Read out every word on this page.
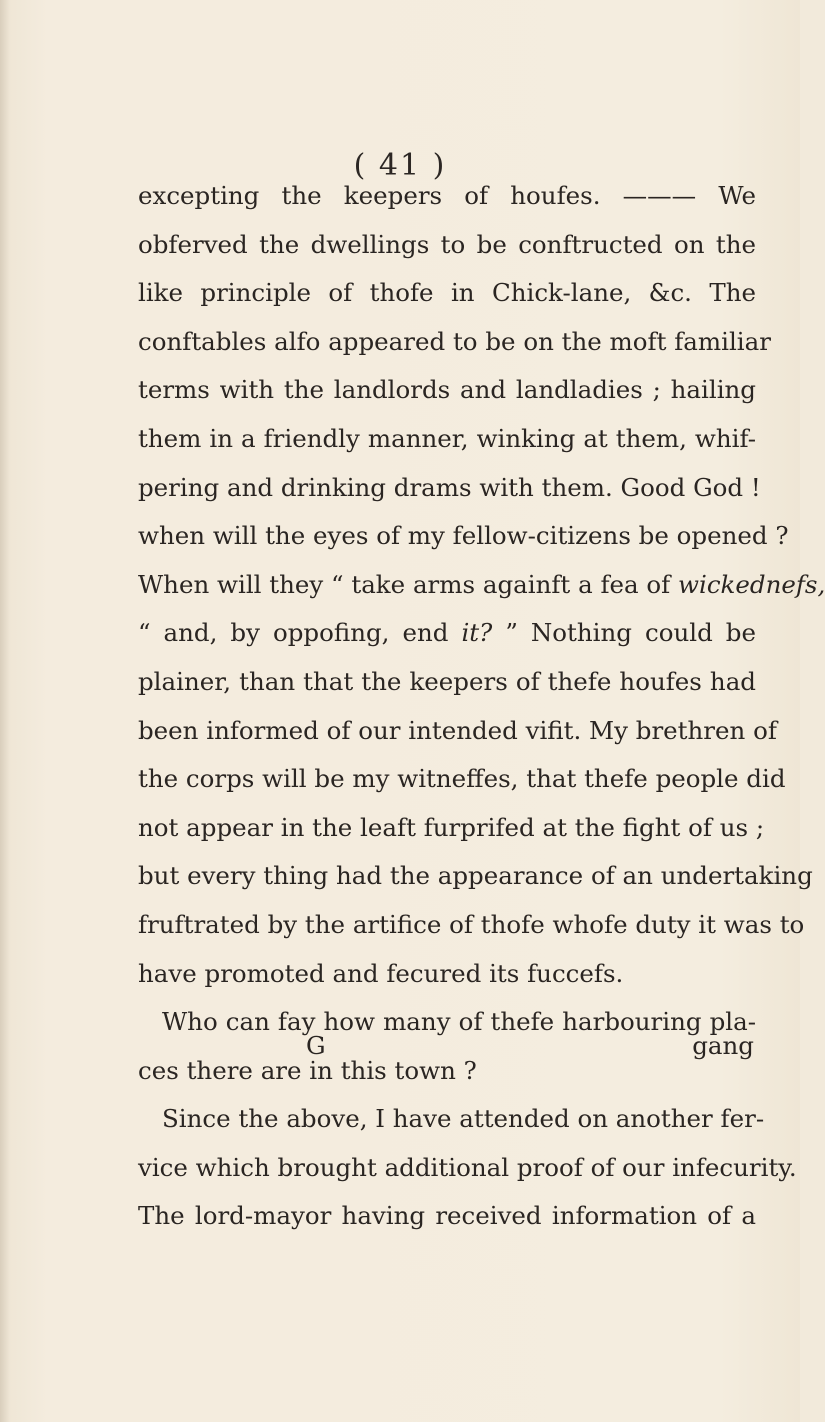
( 41 )
excepting the keepers of houfes. ——— We
obferved the dwellings to be conftructed on the
like principle of thofe in Chick-lane, &c. The
conftables alfo appeared to be on the moft familiar
terms with the landlords and landladies ; hailing
them in a friendly manner, winking at them, whif-
pering and drinking drams with them. Good God !
when will the eyes of my fellow-citizens be opened ?
When will they “ take arms againft a fea of wickednefs,
“ and, by oppofing, end it? ” Nothing could be
plainer, than that the keepers of thefe houfes had
been informed of our intended vifit. My brethren of
the corps will be my witneffes, that thefe people did
not appear in the leaft furprifed at the fight of us ;
but every thing had the appearance of an undertaking
fruftrated by the artifice of thofe whofe duty it was to
have promoted and fecured its fuccefs.
Who can fay how many of thefe harbouring pla-
ces there are in this town ?
Since the above, I have attended on another fer-
vice which brought additional proof of our infecurity.
The lord-mayor having received information of a
G	gang
